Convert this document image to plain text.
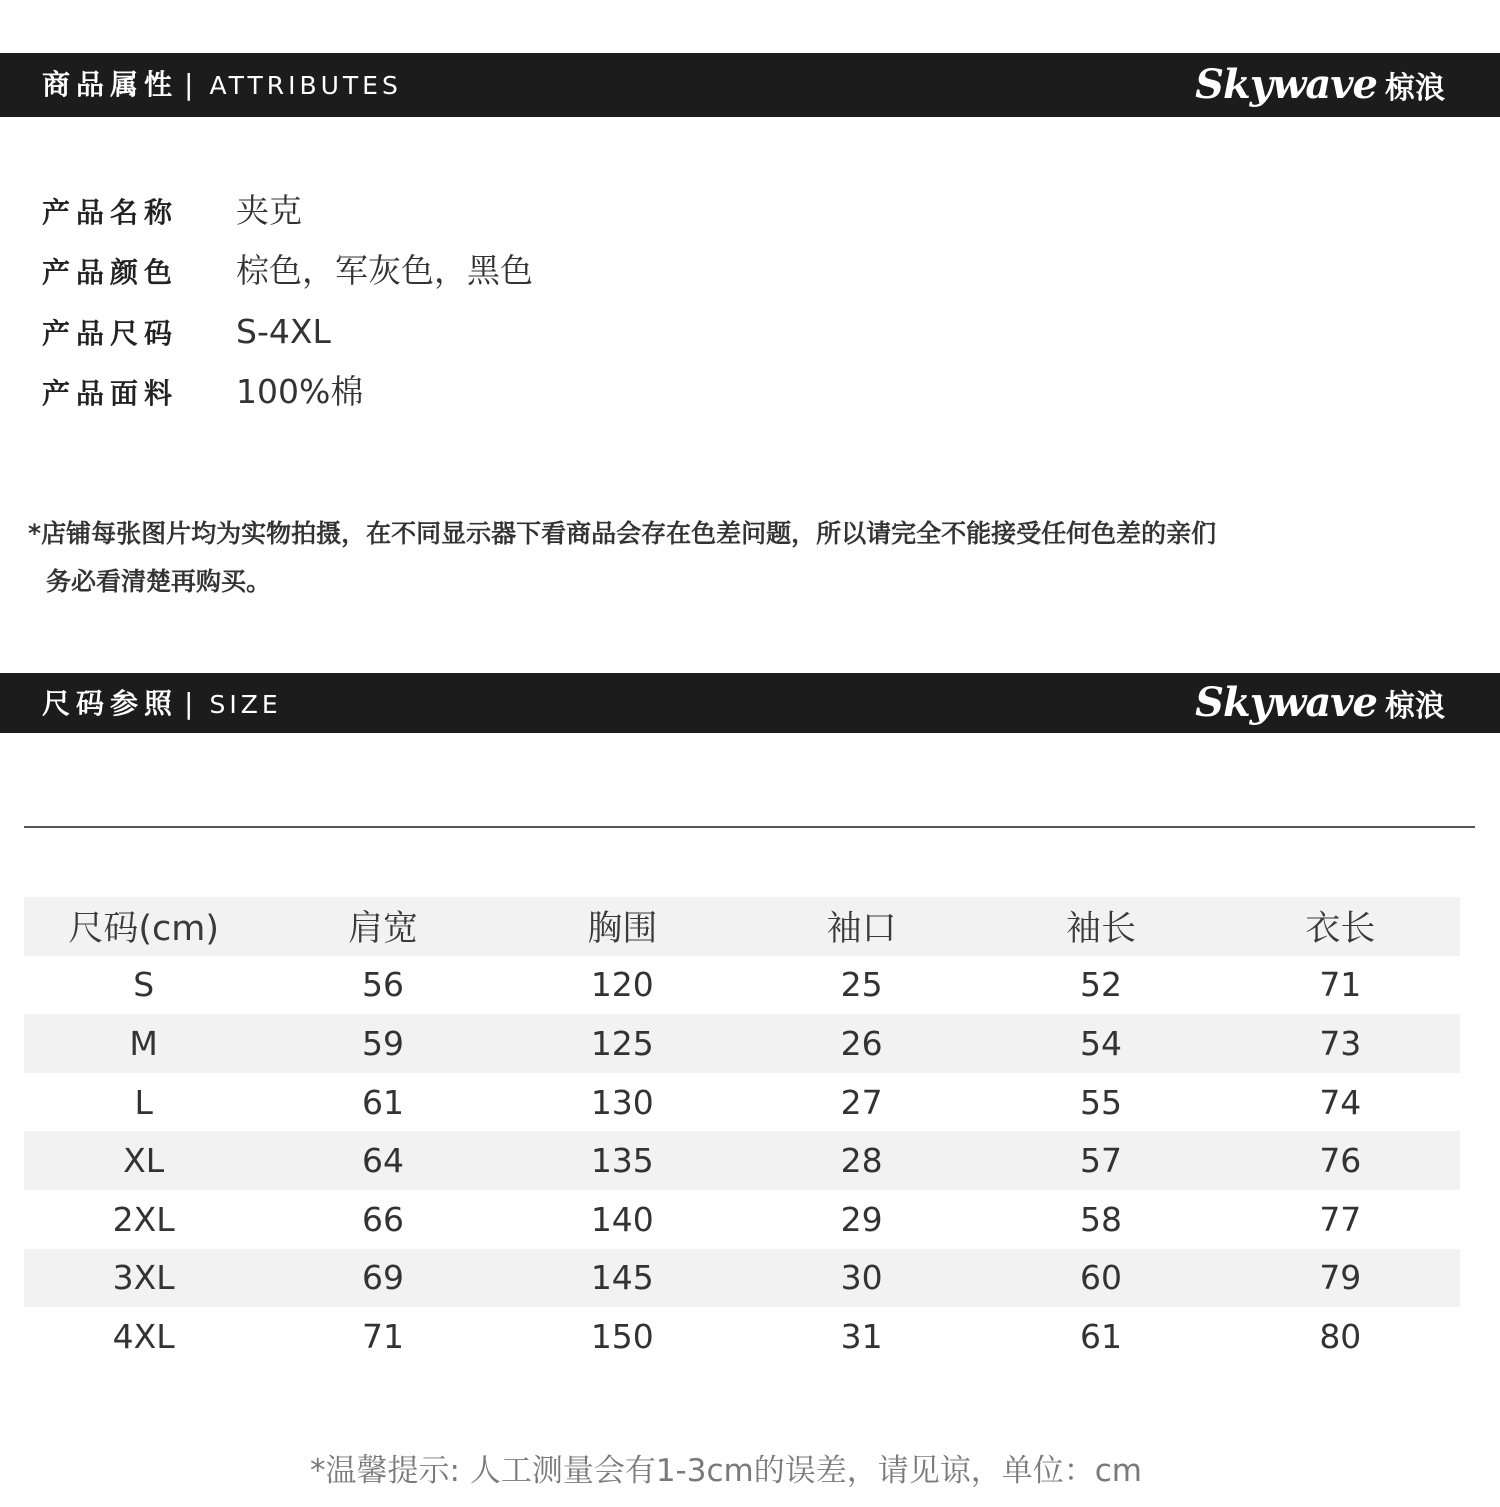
商品属性 | ATTRIBUTES	Skywave 椋浪
产品名称 夹克
产品颜色 棕色，军灰色，黑色
产品尺码 S-4XL
产品面料 100%棉
*店铺每张图片均为实物拍摄，在不同显示器下看商品会存在色差问题，所以请完全不能接受任何色差的亲们
务必看清楚再购买。
尺码参照 | SIZE	Skywave 椋浪
尺码(cm)	肩宽	胸围	袖口	袖长	衣长
S	56	120	25	52	71
M	59	125	26	54	73
L	61	130	27	55	74
XL	64	135	28	57	76
2XL	66	140	29	58	77
3XL	69	145	30	60	79
4XL	71	150	31	61	80
*温馨提示: 人工测量会有1-3cm的误差，请见谅，单位：cm
